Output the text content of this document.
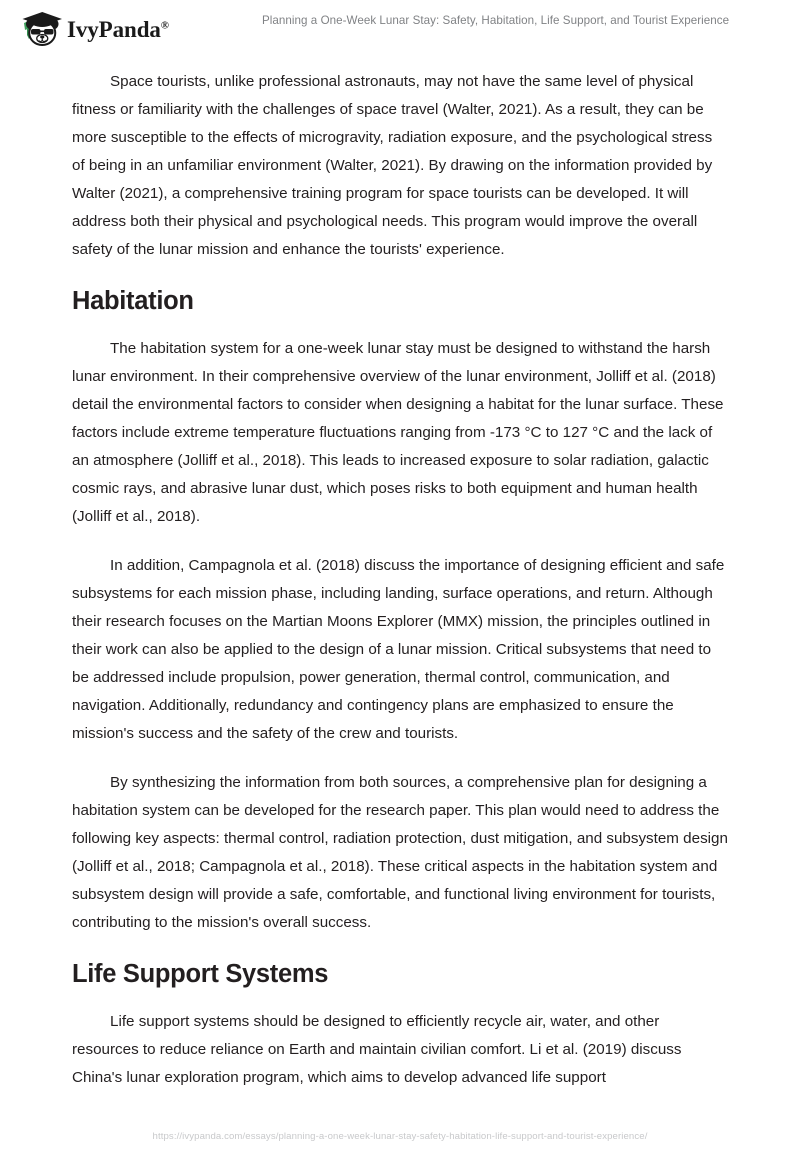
IvyPanda®	Planning a One-Week Lunar Stay: Safety, Habitation, Life Support, and Tourist Experience

Space tourists, unlike professional astronauts, may not have the same level of physical fitness or familiarity with the challenges of space travel (Walter, 2021). As a result, they can be more susceptible to the effects of microgravity, radiation exposure, and the psychological stress of being in an unfamiliar environment (Walter, 2021). By drawing on the information provided by Walter (2021), a comprehensive training program for space tourists can be developed. It will address both their physical and psychological needs. This program would improve the overall safety of the lunar mission and enhance the tourists' experience.

Habitation

The habitation system for a one-week lunar stay must be designed to withstand the harsh lunar environment. In their comprehensive overview of the lunar environment, Jolliff et al. (2018) detail the environmental factors to consider when designing a habitat for the lunar surface. These factors include extreme temperature fluctuations ranging from -173 °C to 127 °C and the lack of an atmosphere (Jolliff et al., 2018). This leads to increased exposure to solar radiation, galactic cosmic rays, and abrasive lunar dust, which poses risks to both equipment and human health (Jolliff et al., 2018).

In addition, Campagnola et al. (2018) discuss the importance of designing efficient and safe subsystems for each mission phase, including landing, surface operations, and return. Although their research focuses on the Martian Moons Explorer (MMX) mission, the principles outlined in their work can also be applied to the design of a lunar mission. Critical subsystems that need to be addressed include propulsion, power generation, thermal control, communication, and navigation. Additionally, redundancy and contingency plans are emphasized to ensure the mission's success and the safety of the crew and tourists.

By synthesizing the information from both sources, a comprehensive plan for designing a habitation system can be developed for the research paper. This plan would need to address the following key aspects: thermal control, radiation protection, dust mitigation, and subsystem design (Jolliff et al., 2018; Campagnola et al., 2018). These critical aspects in the habitation system and subsystem design will provide a safe, comfortable, and functional living environment for tourists, contributing to the mission's overall success.

Life Support Systems

Life support systems should be designed to efficiently recycle air, water, and other resources to reduce reliance on Earth and maintain civilian comfort. Li et al. (2019) discuss China's lunar exploration program, which aims to develop advanced life support

https://ivypanda.com/essays/planning-a-one-week-lunar-stay-safety-habitation-life-support-and-tourist-experience/
